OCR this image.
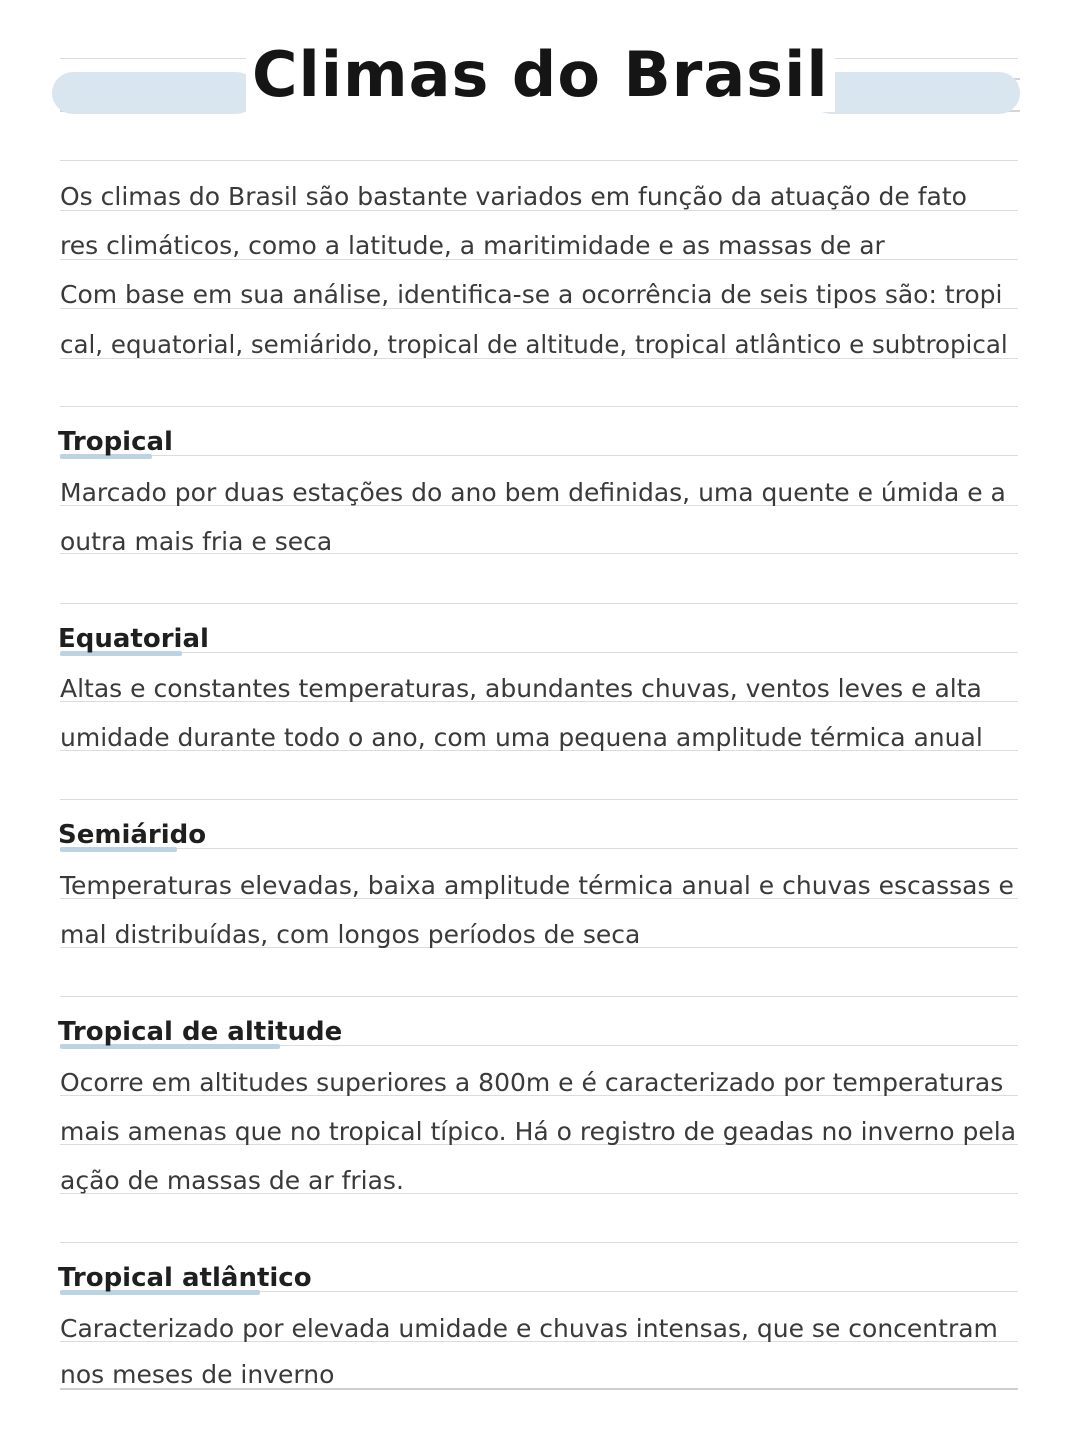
Climas do Brasil

Os climas do Brasil são bastante variados em função da atuação de fato

res climáticos, como a latitude, a maritimidade e as massas de ar

Com base em sua análise, identifica-se a ocorrência de seis tipos são: tropi

cal, equatorial, semiárido, tropical de altitude, tropical atlântico e subtropical

Tropical

Marcado por duas estações do ano bem definidas, uma quente e úmida e a

outra mais fria e seca

Equatorial

Altas e constantes temperaturas, abundantes chuvas, ventos leves e alta

umidade durante todo o ano, com uma pequena amplitude térmica anual

Semiárido

Temperaturas elevadas, baixa amplitude térmica anual e chuvas escassas e

mal distribuídas, com longos períodos de seca

Tropical de altitude

Ocorre em altitudes superiores a 800m e é caracterizado por temperaturas

mais amenas que no tropical típico. Há o registro de geadas no inverno pela

ação de massas de ar frias.

Tropical atlântico

Caracterizado por elevada umidade e chuvas intensas, que se concentram

nos meses de inverno
